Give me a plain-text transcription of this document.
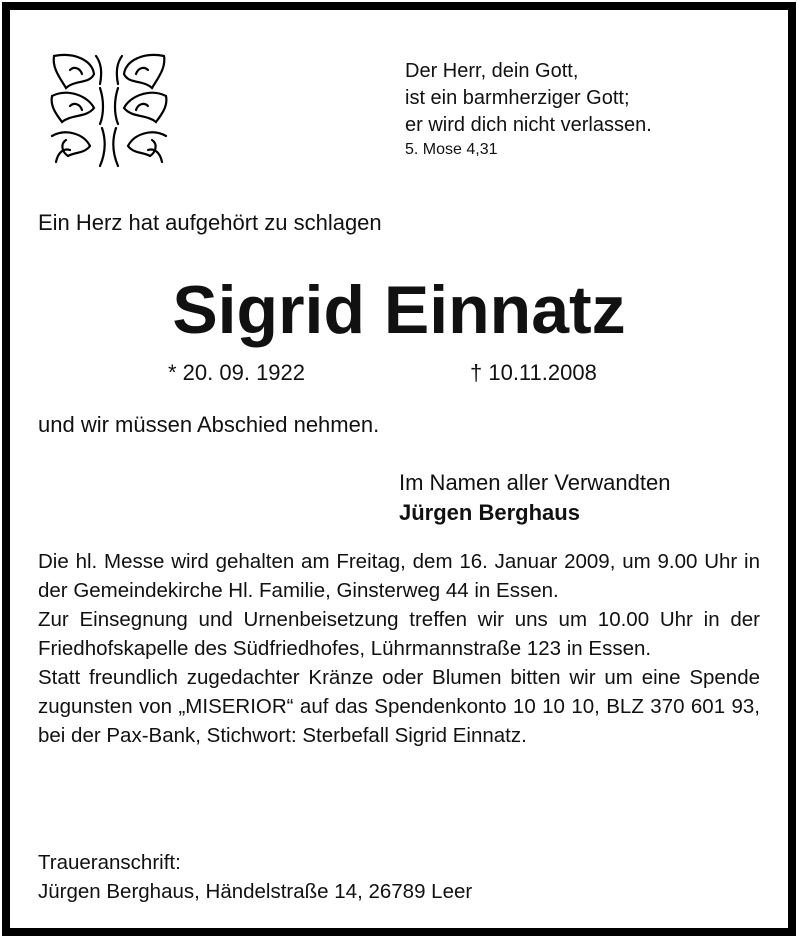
Der Herr, dein Gott,
ist ein barmherziger Gott;
er wird dich nicht verlassen.
5. Mose 4,31
Ein Herz hat aufgehört zu schlagen
Sigrid Einnatz
* 20. 09. 1922	† 10.11.2008
und wir müssen Abschied nehmen.
Im Namen aller Verwandten
Jürgen Berghaus

Die hl. Messe wird gehalten am Freitag, dem 16. Januar 2009, um 9.00 Uhr in der Gemeindekirche Hl. Familie, Ginsterweg 44 in Essen.

Zur Einsegnung und Urnenbeisetzung treffen wir uns um 10.00 Uhr in der Friedhofskapelle des Südfriedhofes, Lührmannstraße 123 in Essen.

Statt freundlich zugedachter Kränze oder Blumen bitten wir um eine Spende zugunsten von „MISERIOR“ auf das Spendenkonto 10 10 10, BLZ 370 601 93, bei der Pax-Bank, Stichwort: Sterbefall Sigrid Einnatz.

Traueranschrift:
Jürgen Berghaus, Händelstraße 14, 26789 Leer
